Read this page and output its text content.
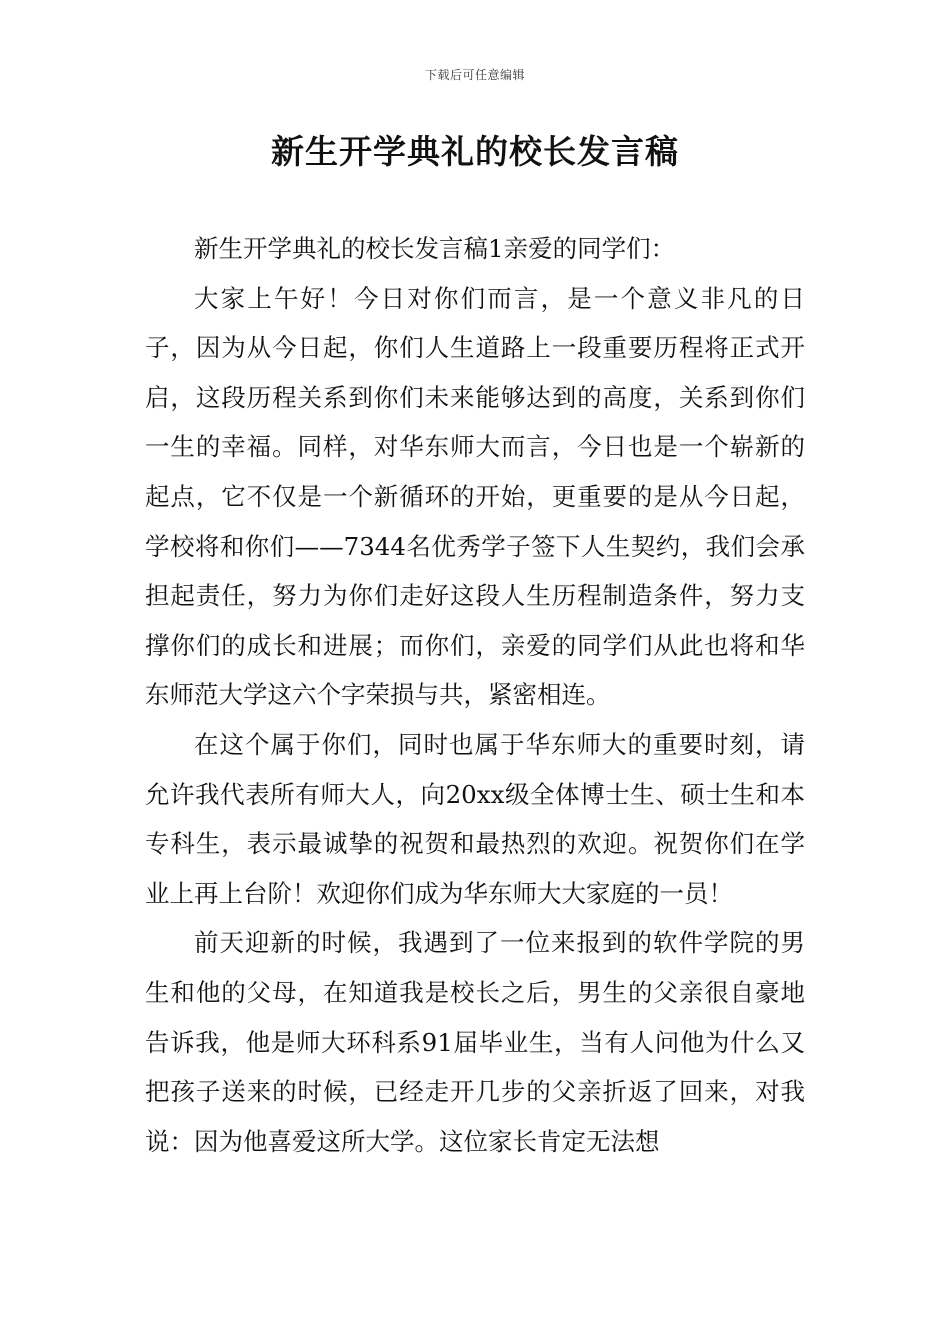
下载后可任意编辑
新生开学典礼的校长发言稿

新生开学典礼的校长发言稿1亲爱的同学们：

大家上午好！今日对你们而言，是一个意义非凡的日子，因为从今日起，你们人生道路上一段重要历程将正式开启，这段历程关系到你们未来能够达到的高度，关系到你们一生的幸福。同样，对华东师大而言，今日也是一个崭新的起点，它不仅是一个新循环的开始，更重要的是从今日起，学校将和你们——7344名优秀学子签下人生契约，我们会承担起责任，努力为你们走好这段人生历程制造条件，努力支撑你们的成长和进展；而你们，亲爱的同学们从此也将和华东师范大学这六个字荣损与共，紧密相连。

在这个属于你们，同时也属于华东师大的重要时刻，请允许我代表所有师大人，向20xx级全体博士生、硕士生和本专科生，表示最诚挚的祝贺和最热烈的欢迎。祝贺你们在学业上再上台阶！欢迎你们成为华东师大大家庭的一员！

前天迎新的时候，我遇到了一位来报到的软件学院的男生和他的父母，在知道我是校长之后，男生的父亲很自豪地告诉我，他是师大环科系91届毕业生，当有人问他为什么又把孩子送来的时候，已经走开几步的父亲折返了回来，对我说：因为他喜爱这所大学。这位家长肯定无法想
